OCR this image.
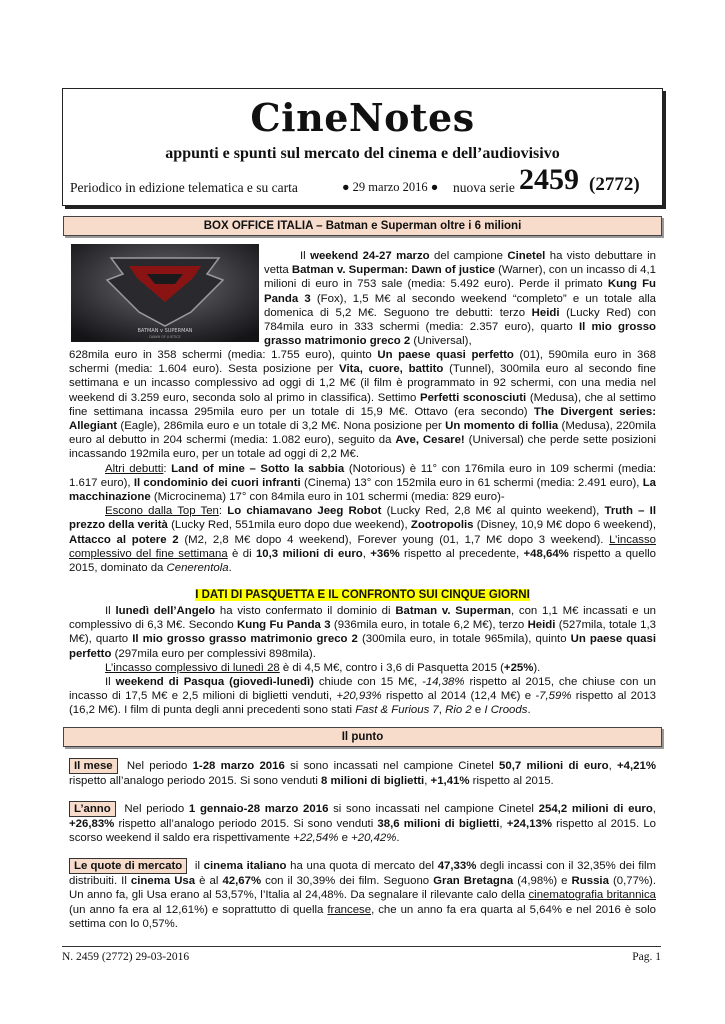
CineNotes
appunti e spunti sul mercato del cinema e dell’audiovisivo
Periodico in edizione telematica e su carta	● 29 marzo 2016 ● nuova serie 2459 (2772)
BOX OFFICE ITALIA – Batman e Superman oltre i 6 milioni
BATMAN v SUPERMAN
DAWN OF JUSTICE

Il weekend 24-27 marzo del campione Cinetel ha visto debuttare in vetta Batman v. Superman: Dawn of justice (Warner), con un incasso di 4,1 milioni di euro in 753 sale (media: 5.492 euro). Perde il primato Kung Fu Panda 3 (Fox), 1,5 M€ al secondo weekend “completo” e un totale alla domenica di 5,2 M€. Seguono tre debutti: terzo Heidi (Lucky Red) con 784mila euro in 333 schermi (media: 2.357 euro), quarto Il mio grosso grasso matrimonio greco 2 (Universal),

628mila euro in 358 schermi (media: 1.755 euro), quinto Un paese quasi perfetto (01), 590mila euro in 368 schermi (media: 1.604 euro). Sesta posizione per Vita, cuore, battito (Tunnel), 300mila euro al secondo fine settimana e un incasso complessivo ad oggi di 1,2 M€ (il film è programmato in 92 schermi, con una media nel weekend di 3.259 euro, seconda solo al primo in classifica). Settimo Perfetti sconosciuti (Medusa), che al settimo fine settimana incassa 295mila euro per un totale di 15,9 M€. Ottavo (era secondo) The Divergent series: Allegiant (Eagle), 286mila euro e un totale di 3,2 M€. Nona posizione per Un momento di follia (Medusa), 220mila euro al debutto in 204 schermi (media: 1.082 euro), seguito da Ave, Cesare! (Universal) che perde sette posizioni incassando 192mila euro, per un totale ad oggi di 2,2 M€.

Altri debutti: Land of mine – Sotto la sabbia (Notorious) è 11° con 176mila euro in 109 schermi (media: 1.617 euro), Il condominio dei cuori infranti (Cinema) 13° con 152mila euro in 61 schermi (media: 2.491 euro), La macchinazione (Microcinema) 17° con 84mila euro in 101 schermi (media: 829 euro)-

Escono dalla Top Ten: Lo chiamavano Jeeg Robot (Lucky Red, 2,8 M€ al quinto weekend), Truth – Il prezzo della verità (Lucky Red, 551mila euro dopo due weekend), Zootropolis (Disney, 10,9 M€ dopo 6 weekend), Attacco al potere 2 (M2, 2,8 M€ dopo 4 weekend), Forever young (01, 1,7 M€ dopo 3 weekend). L’incasso complessivo del fine settimana è di 10,3 milioni di euro, +36% rispetto al precedente, +48,64% rispetto a quello 2015, dominato da Cenerentola.

I DATI DI PASQUETTA E IL CONFRONTO SUI CINQUE GIORNI

Il lunedì dell’Angelo ha visto confermato il dominio di Batman v. Superman, con 1,1 M€ incassati e un complessivo di 6,3 M€. Secondo Kung Fu Panda 3 (936mila euro, in totale 6,2 M€), terzo Heidi (527mila, totale 1,3 M€), quarto Il mio grosso grasso matrimonio greco 2 (300mila euro, in totale 965mila), quinto Un paese quasi perfetto (297mila euro per complessivi 898mila).

L’incasso complessivo di lunedì 28 è di 4,5 M€, contro i 3,6 di Pasquetta 2015 (+25%).

Il weekend di Pasqua (giovedì-lunedì) chiude con 15 M€, -14,38% rispetto al 2015, che chiuse con un incasso di 17,5 M€ e 2,5 milioni di biglietti venduti, +20,93% rispetto al 2014 (12,4 M€) e -7,59% rispetto al 2013 (16,2 M€). I film di punta degli anni precedenti sono stati Fast & Furious 7, Rio 2 e I Croods.

Il punto

Il mese Nel periodo 1-28 marzo 2016 si sono incassati nel campione Cinetel 50,7 milioni di euro, +4,21% rispetto all’analogo periodo 2015. Si sono venduti 8 milioni di biglietti, +1,41% rispetto al 2015.

L’anno Nel periodo 1 gennaio-28 marzo 2016 si sono incassati nel campione Cinetel 254,2 milioni di euro, +26,83% rispetto all’analogo periodo 2015. Si sono venduti 38,6 milioni di biglietti, +24,13% rispetto al 2015. Lo scorso weekend il saldo era rispettivamente +22,54% e +20,42%.

Le quote di mercato il cinema italiano ha una quota di mercato del 47,33% degli incassi con il 32,35% dei film distribuiti. Il cinema Usa è al 42,67% con il 30,39% dei film. Seguono Gran Bretagna (4,98%) e Russia (0,77%). Un anno fa, gli Usa erano al 53,57%, l’Italia al 24,48%. Da segnalare il rilevante calo della cinematografia britannica (un anno fa era al 12,61%) e soprattutto di quella francese, che un anno fa era quarta al 5,64% e nel 2016 è solo settima con lo 0,57%.

N. 2459 (2772) 29-03-2016	Pag. 1
